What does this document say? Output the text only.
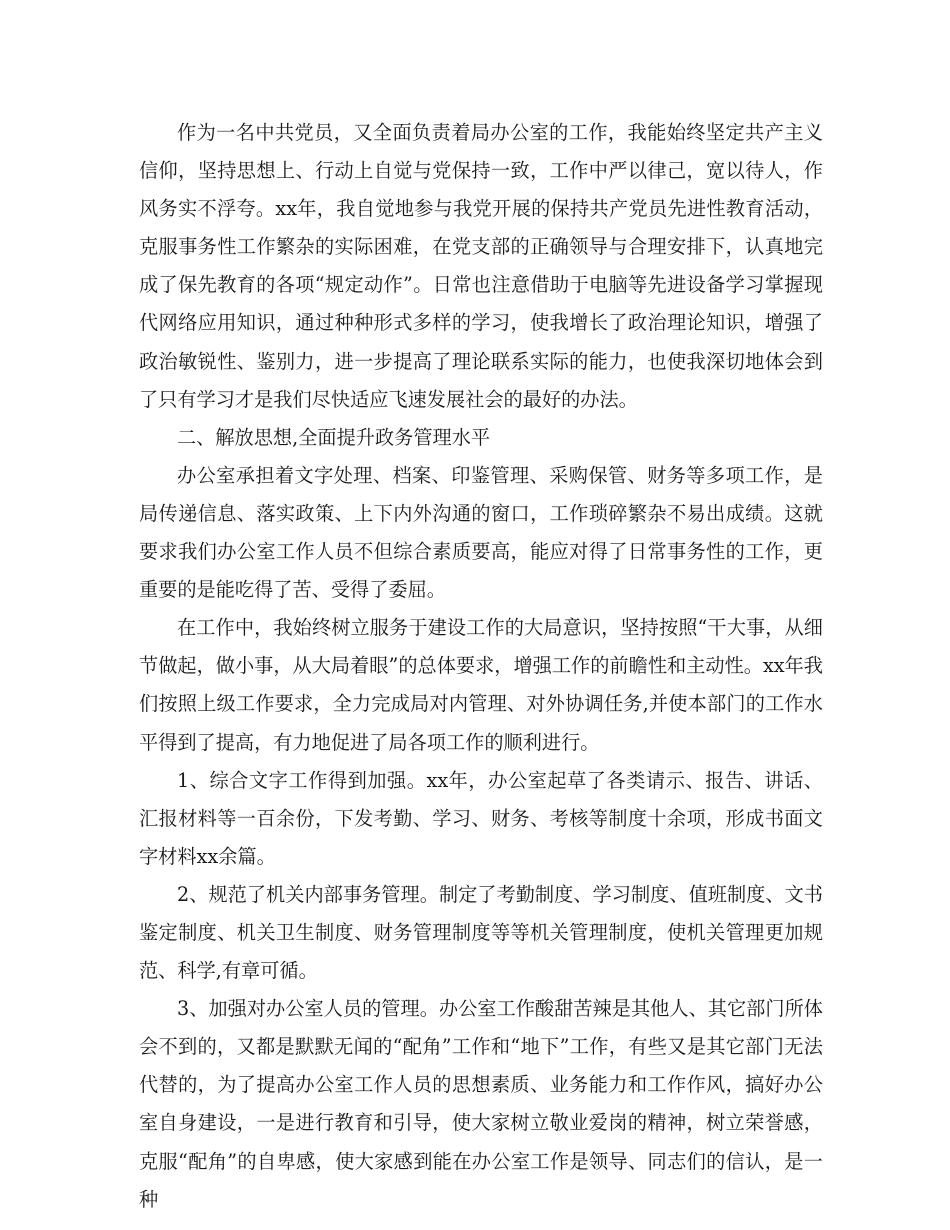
作为一名中共党员，又全面负责着局办公室的工作，我能始终坚定共产主义信仰，坚持思想上、行动上自觉与党保持一致，工作中严以律己，宽以待人，作风务实不浮夸。xx年，我自觉地参与我党开展的保持共产党员先进性教育活动，克服事务性工作繁杂的实际困难，在党支部的正确领导与合理安排下，认真地完成了保先教育的各项“规定动作”。日常也注意借助于电脑等先进设备学习掌握现代网络应用知识，通过种种形式多样的学习，使我增长了政治理论知识，增强了政治敏锐性、鉴别力，进一步提高了理论联系实际的能力，也使我深切地体会到了只有学习才是我们尽快适应飞速发展社会的最好的办法。

二、解放思想,全面提升政务管理水平

办公室承担着文字处理、档案、印鉴管理、采购保管、财务等多项工作，是局传递信息、落实政策、上下内外沟通的窗口，工作琐碎繁杂不易出成绩。这就要求我们办公室工作人员不但综合素质要高，能应对得了日常事务性的工作，更重要的是能吃得了苦、受得了委屈。

在工作中，我始终树立服务于建设工作的大局意识，坚持按照“干大事，从细节做起，做小事，从大局着眼”的总体要求，增强工作的前瞻性和主动性。xx年我们按照上级工作要求，全力完成局对内管理、对外协调任务,并使本部门的工作水平得到了提高，有力地促进了局各项工作的顺利进行。

1、综合文字工作得到加强。xx年，办公室起草了各类请示、报告、讲话、汇报材料等一百余份，下发考勤、学习、财务、考核等制度十余项，形成书面文字材料xx余篇。

2、规范了机关内部事务管理。制定了考勤制度、学习制度、值班制度、文书鉴定制度、机关卫生制度、财务管理制度等等机关管理制度，使机关管理更加规范、科学,有章可循。

3、加强对办公室人员的管理。办公室工作酸甜苦辣是其他人、其它部门所体会不到的，又都是默默无闻的“配角”工作和“地下”工作，有些又是其它部门无法代替的，为了提高办公室工作人员的思想素质、业务能力和工作作风，搞好办公室自身建设，一是进行教育和引导，使大家树立敬业爱岗的精神，树立荣誉感，克服“配角”的自卑感，使大家感到能在办公室工作是领导、同志们的信认，是一种
